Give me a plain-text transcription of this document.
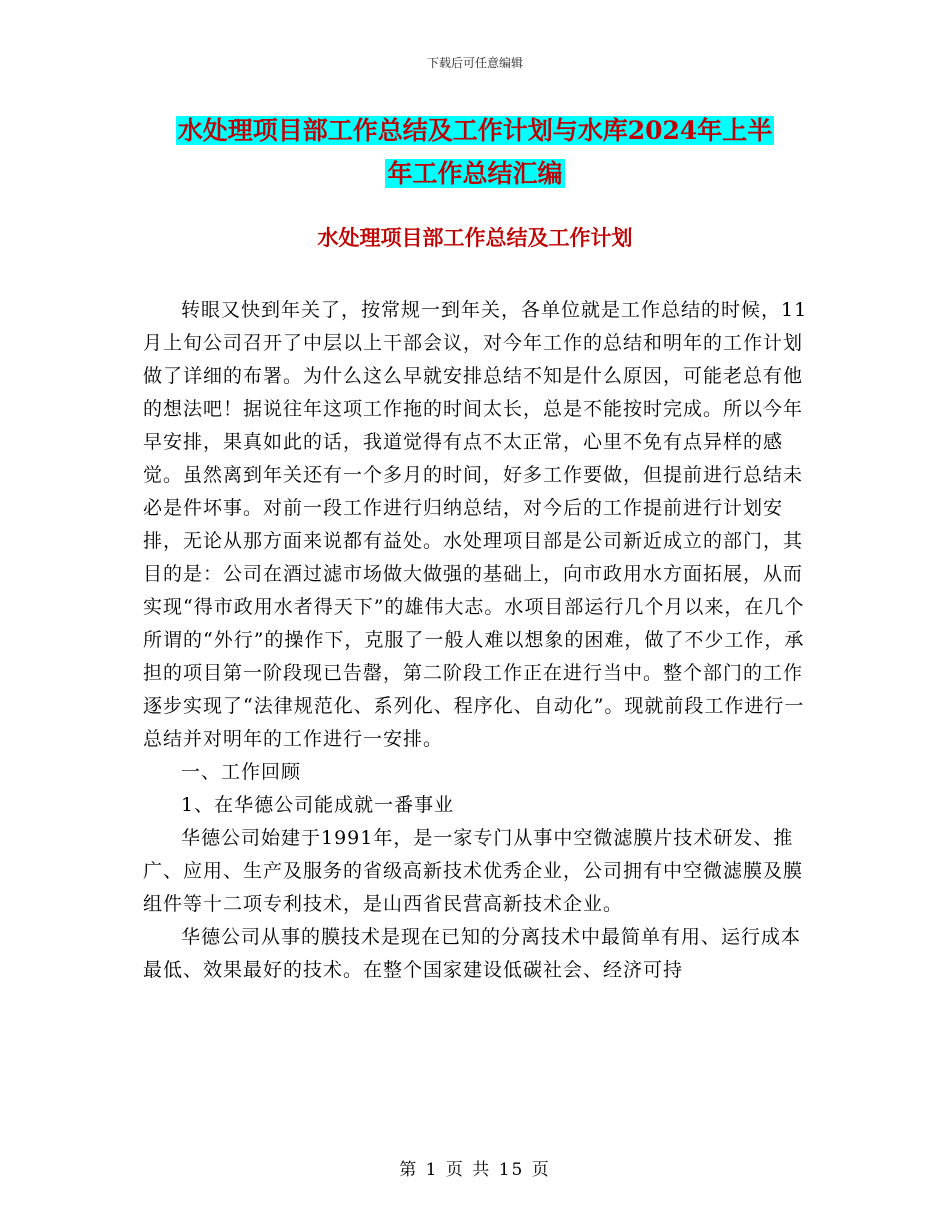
下载后可任意编辑
水处理项目部工作总结及工作计划与水库2024年上半
年工作总结汇编
水处理项目部工作总结及工作计划

转眼又快到年关了，按常规一到年关，各单位就是工作总结的时候，11月上旬公司召开了中层以上干部会议，对今年工作的总结和明年的工作计划做了详细的布署。为什么这么早就安排总结不知是什么原因，可能老总有他的想法吧！据说往年这项工作拖的时间太长，总是不能按时完成。所以今年早安排，果真如此的话，我道觉得有点不太正常，心里不免有点异样的感觉。虽然离到年关还有一个多月的时间，好多工作要做，但提前进行总结未必是件坏事。对前一段工作进行归纳总结，对今后的工作提前进行计划安排，无论从那方面来说都有益处。水处理项目部是公司新近成立的部门，其目的是：公司在酒过滤市场做大做强的基础上，向市政用水方面拓展，从而实现“得市政用水者得天下”的雄伟大志。水项目部运行几个月以来，在几个所谓的“外行”的操作下，克服了一般人难以想象的困难，做了不少工作，承担的项目第一阶段现已告罄，第二阶段工作正在进行当中。整个部门的工作逐步实现了“法律规范化、系列化、程序化、自动化”。现就前段工作进行一总结并对明年的工作进行一安排。

一、工作回顾

1、在华德公司能成就一番事业

华德公司始建于1991年，是一家专门从事中空微滤膜片技术研发、推广、应用、生产及服务的省级高新技术优秀企业，公司拥有中空微滤膜及膜组件等十二项专利技术，是山西省民营高新技术企业。

华德公司从事的膜技术是现在已知的分离技术中最简单有用、运行成本最低、效果最好的技术。在整个国家建设低碳社会、经济可持

第 1 页 共 15 页
